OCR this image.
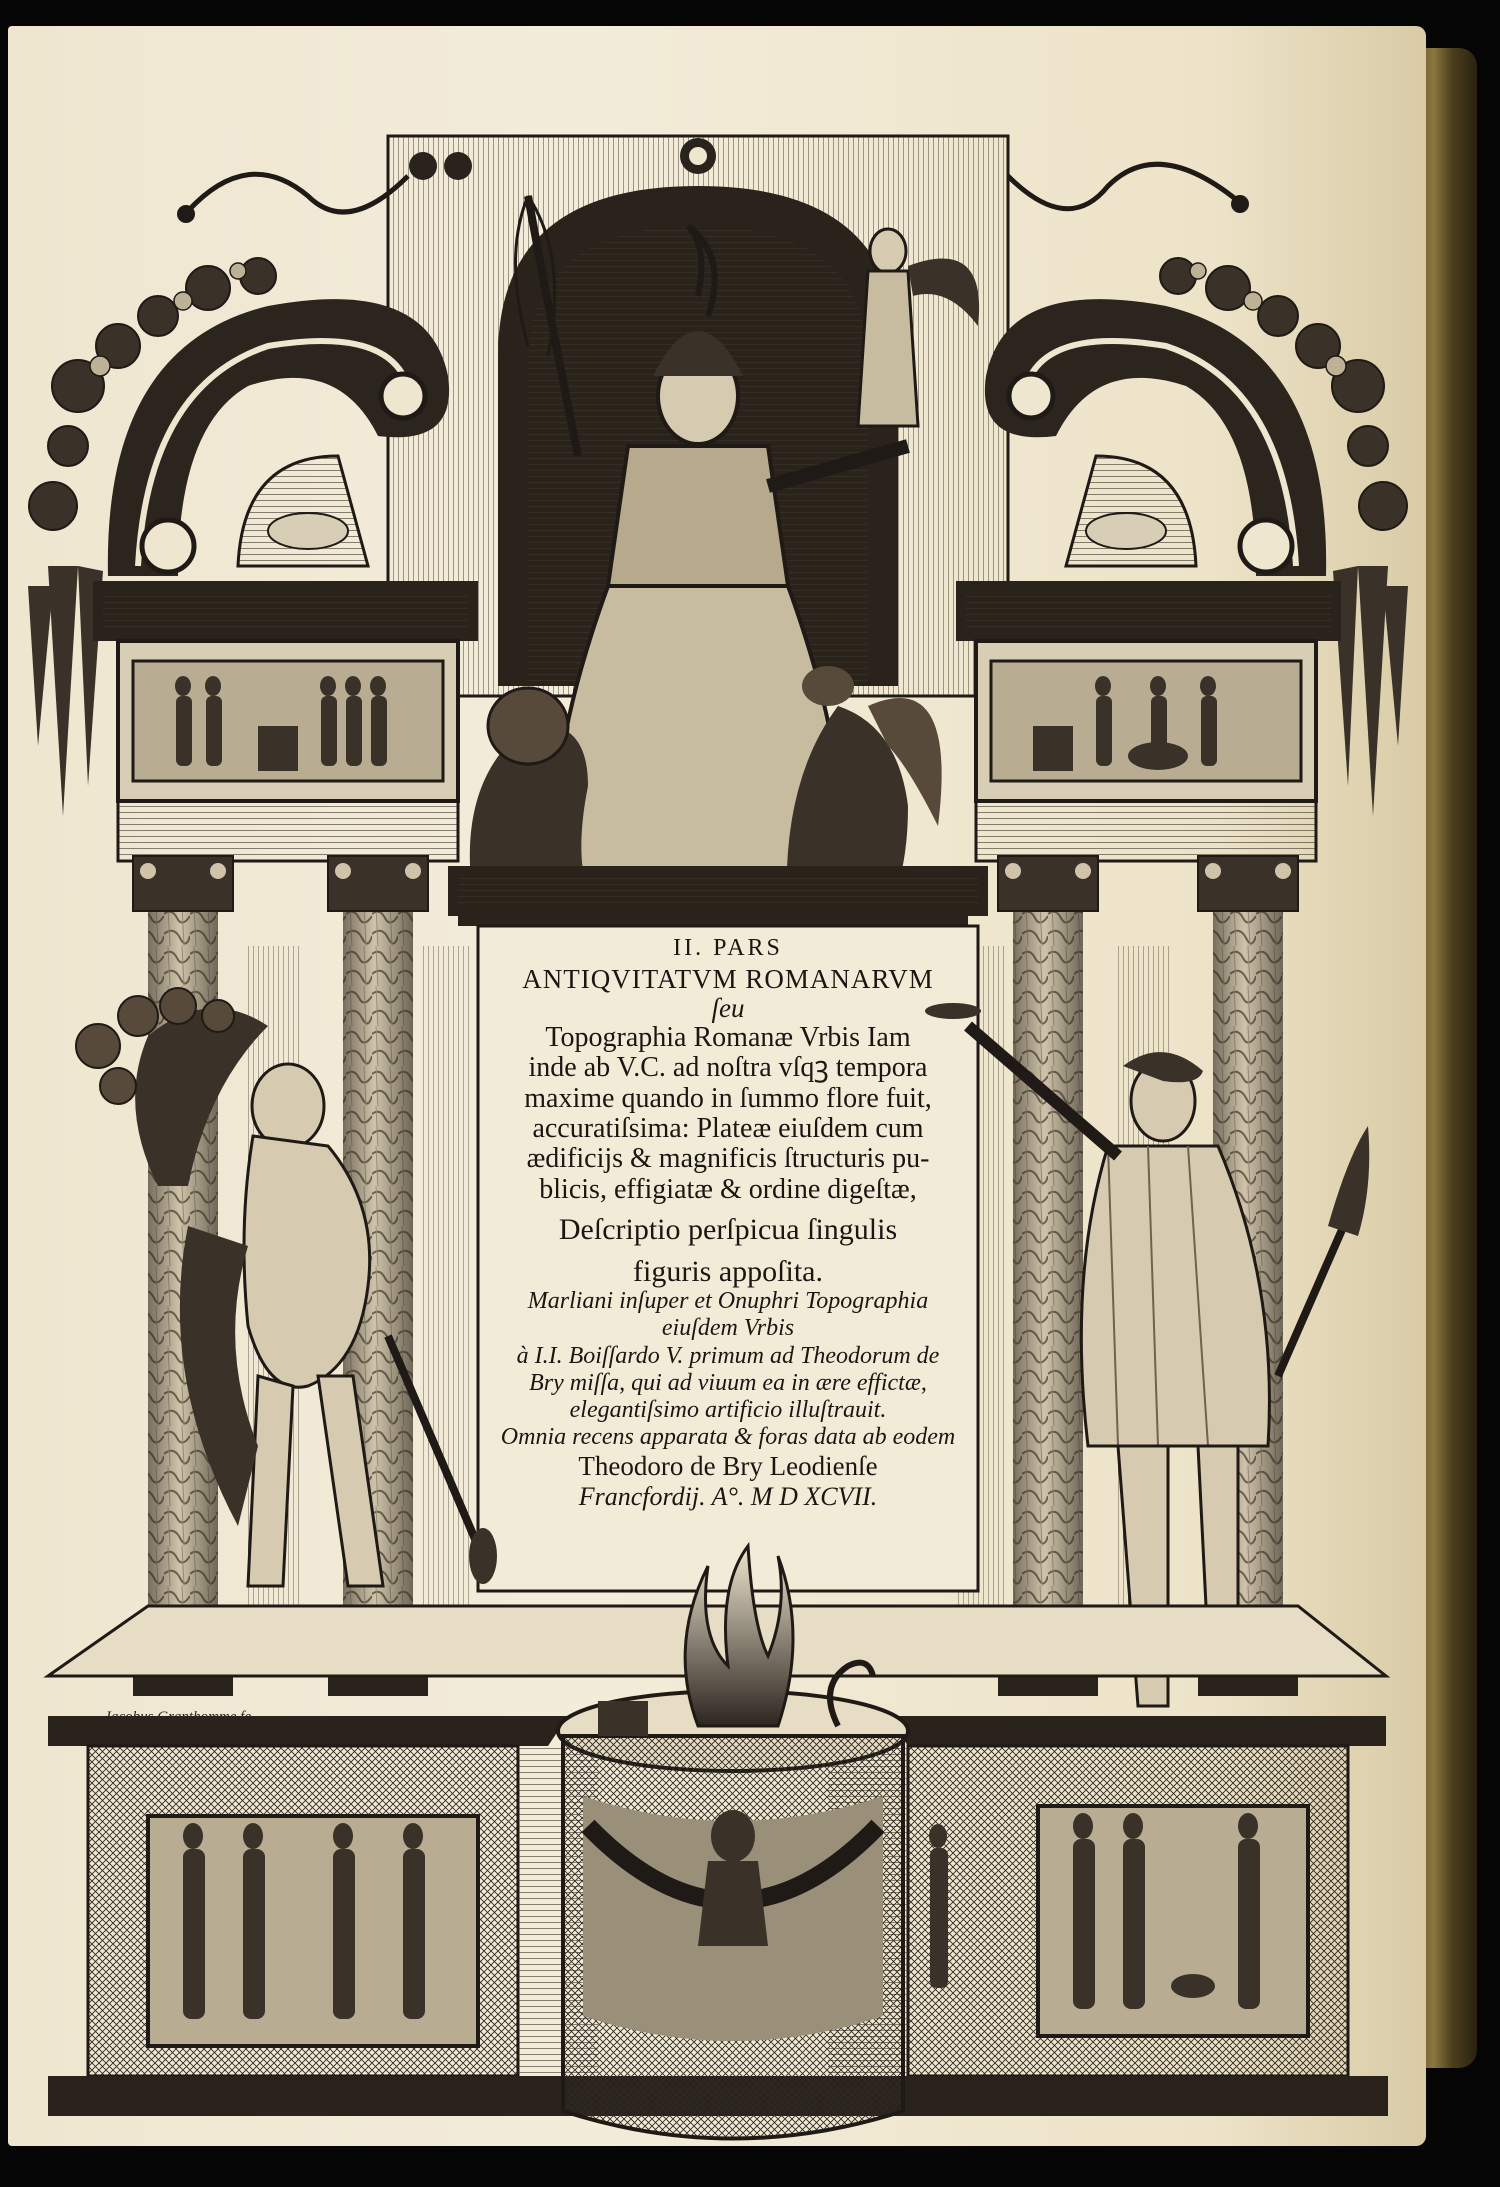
II. PARS
ANTIQVITATVM ROMANARVM
ſeu
Topographia Romanæ Vrbis Iam
inde ab V.C. ad noſtra vſqꝫ tempora
maxime quando in ſummo flore fuit,
accuratiſsima: Plateæ eiuſdem cum
ædificijs & magnificis ſtructuris pu-
blicis, effigiatæ & ordine digeſtæ,
Deſcriptio perſpicua ſingulis
figuris appoſita.
Marliani inſuper et Onuphri Topographia
eiuſdem Vrbis
à I.I. Boiſſardo V. primum ad Theodorum de
Bry miſſa, qui ad viuum ea in ære effictæ,
elegantiſsimo artificio illuſtrauit.
Omnia recens apparata & foras data ab eodem
Theodoro de Bry Leodienſe
Francfordij. A°. M D XCVII.
Iacobus Granthomme fe
